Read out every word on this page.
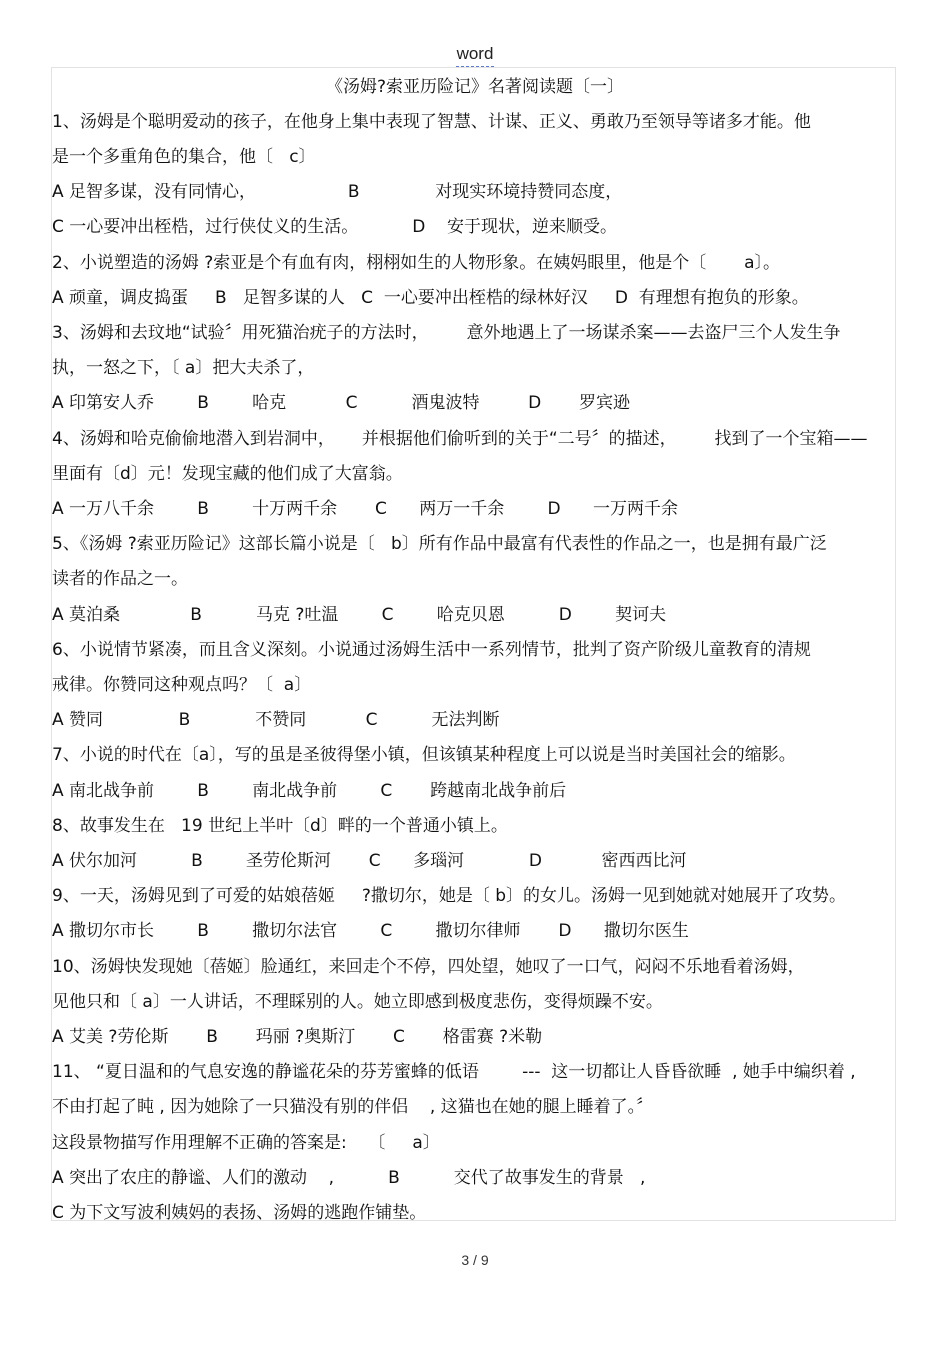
word
《汤姆?索亚历险记》名著阅读题〔一〕
1、汤姆是个聪明爱动的孩子，在他身上集中表现了智慧、计谋、正义、勇敢乃至领导等诸多才能。他
是一个多重角色的集合，他〔   c〕
A 足智多谋，没有同情心，                 B              对现实环境持赞同态度，
C 一心要冲出桎梏，过行侠仗义的生活。          D    安于现状，逆来顺受。
2、小说塑造的汤姆 ?索亚是个有血有肉，栩栩如生的人物形象。在姨妈眼里，他是个〔       a〕。
A 顽童，调皮捣蛋     B   足智多谋的人   C  一心要冲出桎梏的绿林好汉     D  有理想有抱负的形象。
3、汤姆和去玟地“试验〞用死猫治疣子的方法时，       意外地遇上了一场谋杀案——去盗尸三个人发生争
执，一怒之下，〔 a〕把大夫杀了，
A 印第安人乔        B        哈克           C          酒鬼波特         D       罗宾逊
4、汤姆和哈克偷偷地潜入到岩洞中，     并根据他们偷听到的关于“二号〞的描述，       找到了一个宝箱——
里面有〔d〕元！发现宝藏的他们成了大富翁。
A 一万八千余        B        十万两千余       C      两万一千余        D      一万两千余
5、《汤姆 ?索亚历险记》这部长篇小说是〔   b〕所有作品中最富有代表性的作品之一，也是拥有最广泛
读者的作品之一。
A 莫泊桑             B          马克 ?吐温        C        哈克贝恩          D        契诃夫
6、小说情节紧凑，而且含义深刻。小说通过汤姆生活中一系列情节，批判了资产阶级儿童教育的清规
戒律。你赞同这种观点吗？〔  a〕
A 赞同              B            不赞同           C          无法判断
7、小说的时代在〔a〕，写的虽是圣彼得堡小镇，但该镇某种程度上可以说是当时美国社会的缩影。
A 南北战争前        B        南北战争前        C       跨越南北战争前后
8、故事发生在   19 世纪上半叶〔d〕畔的一个普通小镇上。
A 伏尔加河          B        圣劳伦斯河       C      多瑙河            D           密西西比河
9、一天，汤姆见到了可爱的姑娘蓓姬     ?撒切尔，她是〔 b〕的女儿。汤姆一见到她就对她展开了攻势。
A 撒切尔市长        B        撒切尔法官        C        撒切尔律师       D      撒切尔医生
10、汤姆快发现她〔蓓姬〕脸通红，来回走个不停，四处望，她叹了一口气，闷闷不乐地看着汤姆，
见他只和〔 a〕一人讲话，不理睬别的人。她立即感到极度悲伤，变得烦躁不安。
A 艾美 ?劳伦斯       B       玛丽 ?奥斯汀       C       格雷赛 ?米勒
11、 “夏日温和的气息安逸的静谧花朵的芬芳蜜蜂的低语        ---  这一切都让人昏昏欲睡  , 她手中编织着 ,
不由打起了盹 , 因为她除了一只猫没有别的伴侣    , 这猫也在她的腿上睡着了。〞
这段景物描写作用理解不正确的答案是:    〔     a〕
A 突出了农庄的静谧、人们的激动    ,          B          交代了故事发生的背景   ,
C 为下文写波利姨妈的表扬、汤姆的逃跑作铺垫。
3 / 9
